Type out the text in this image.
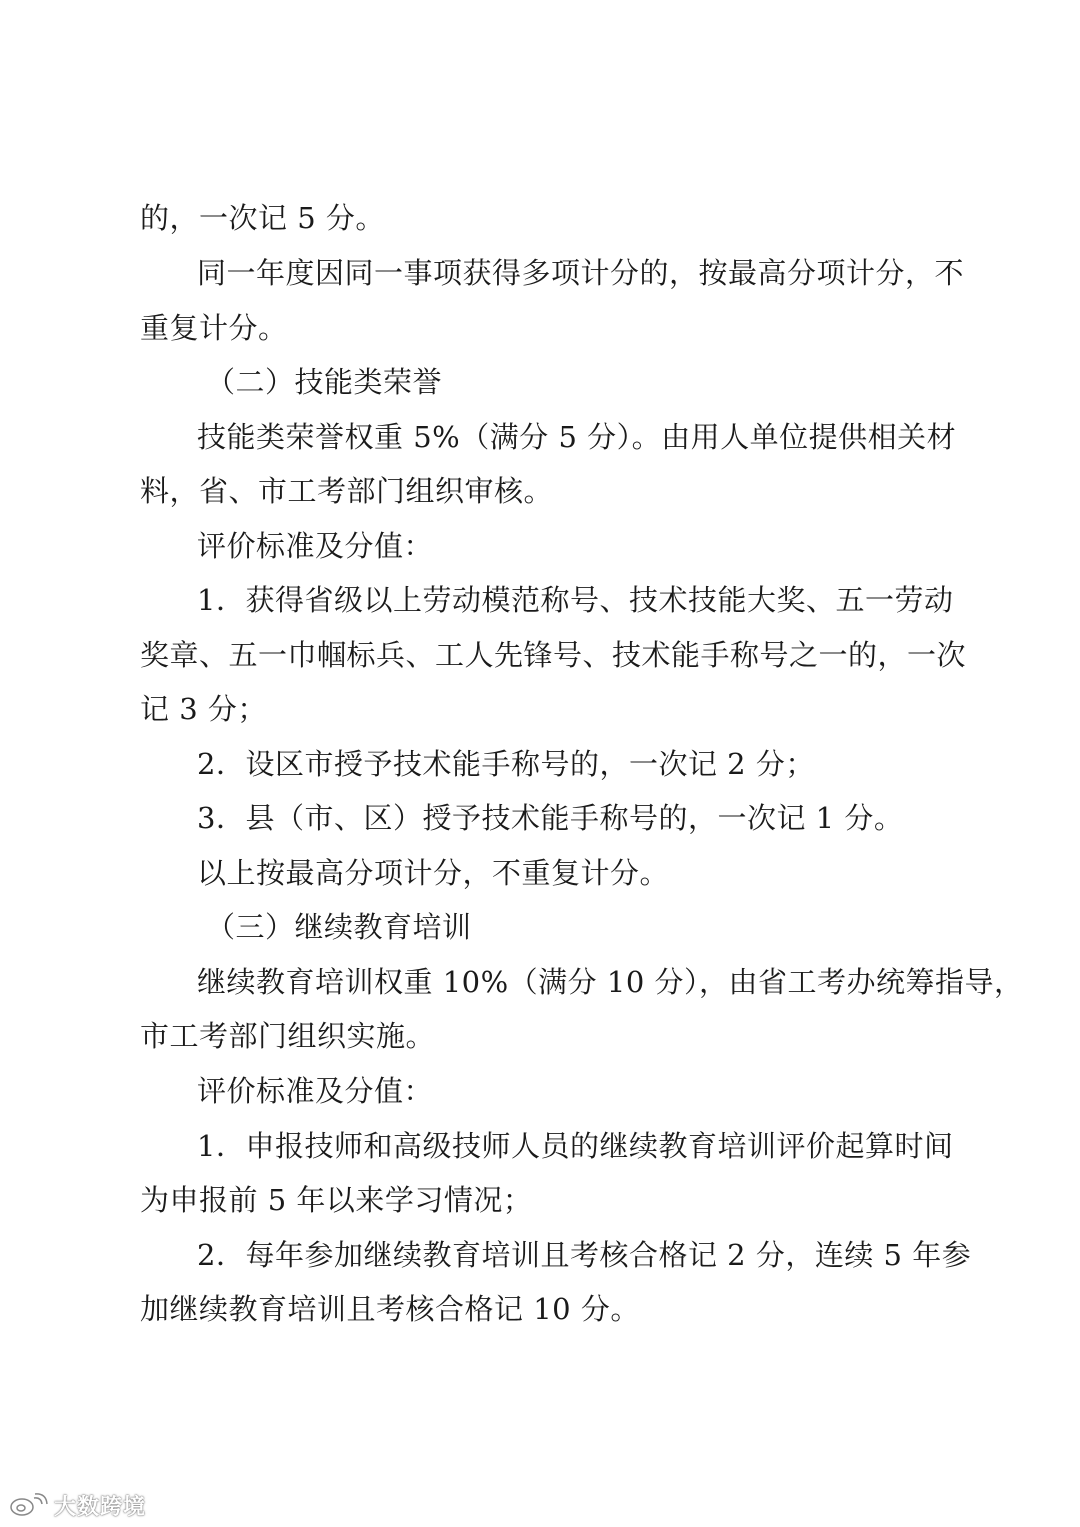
的，一次记 5 分。
同一年度因同一事项获得多项计分的，按最高分项计分，不
重复计分。
（二）技能类荣誉
技能类荣誉权重 5%（满分 5 分）。由用人单位提供相关材
料，省、市工考部门组织审核。
评价标准及分值：
1．获得省级以上劳动模范称号、技术技能大奖、五一劳动
奖章、五一巾帼标兵、工人先锋号、技术能手称号之一的，一次
记 3 分；
2．设区市授予技术能手称号的，一次记 2 分；
3．县（市、区）授予技术能手称号的，一次记 1 分。
以上按最高分项计分，不重复计分。
（三）继续教育培训
继续教育培训权重 10%（满分 10 分），由省工考办统筹指导，
市工考部门组织实施。
评价标准及分值：
1．申报技师和高级技师人员的继续教育培训评价起算时间
为申报前 5 年以来学习情况；
2．每年参加继续教育培训且考核合格记 2 分，连续 5 年参
加继续教育培训且考核合格记 10 分。
大数跨境
